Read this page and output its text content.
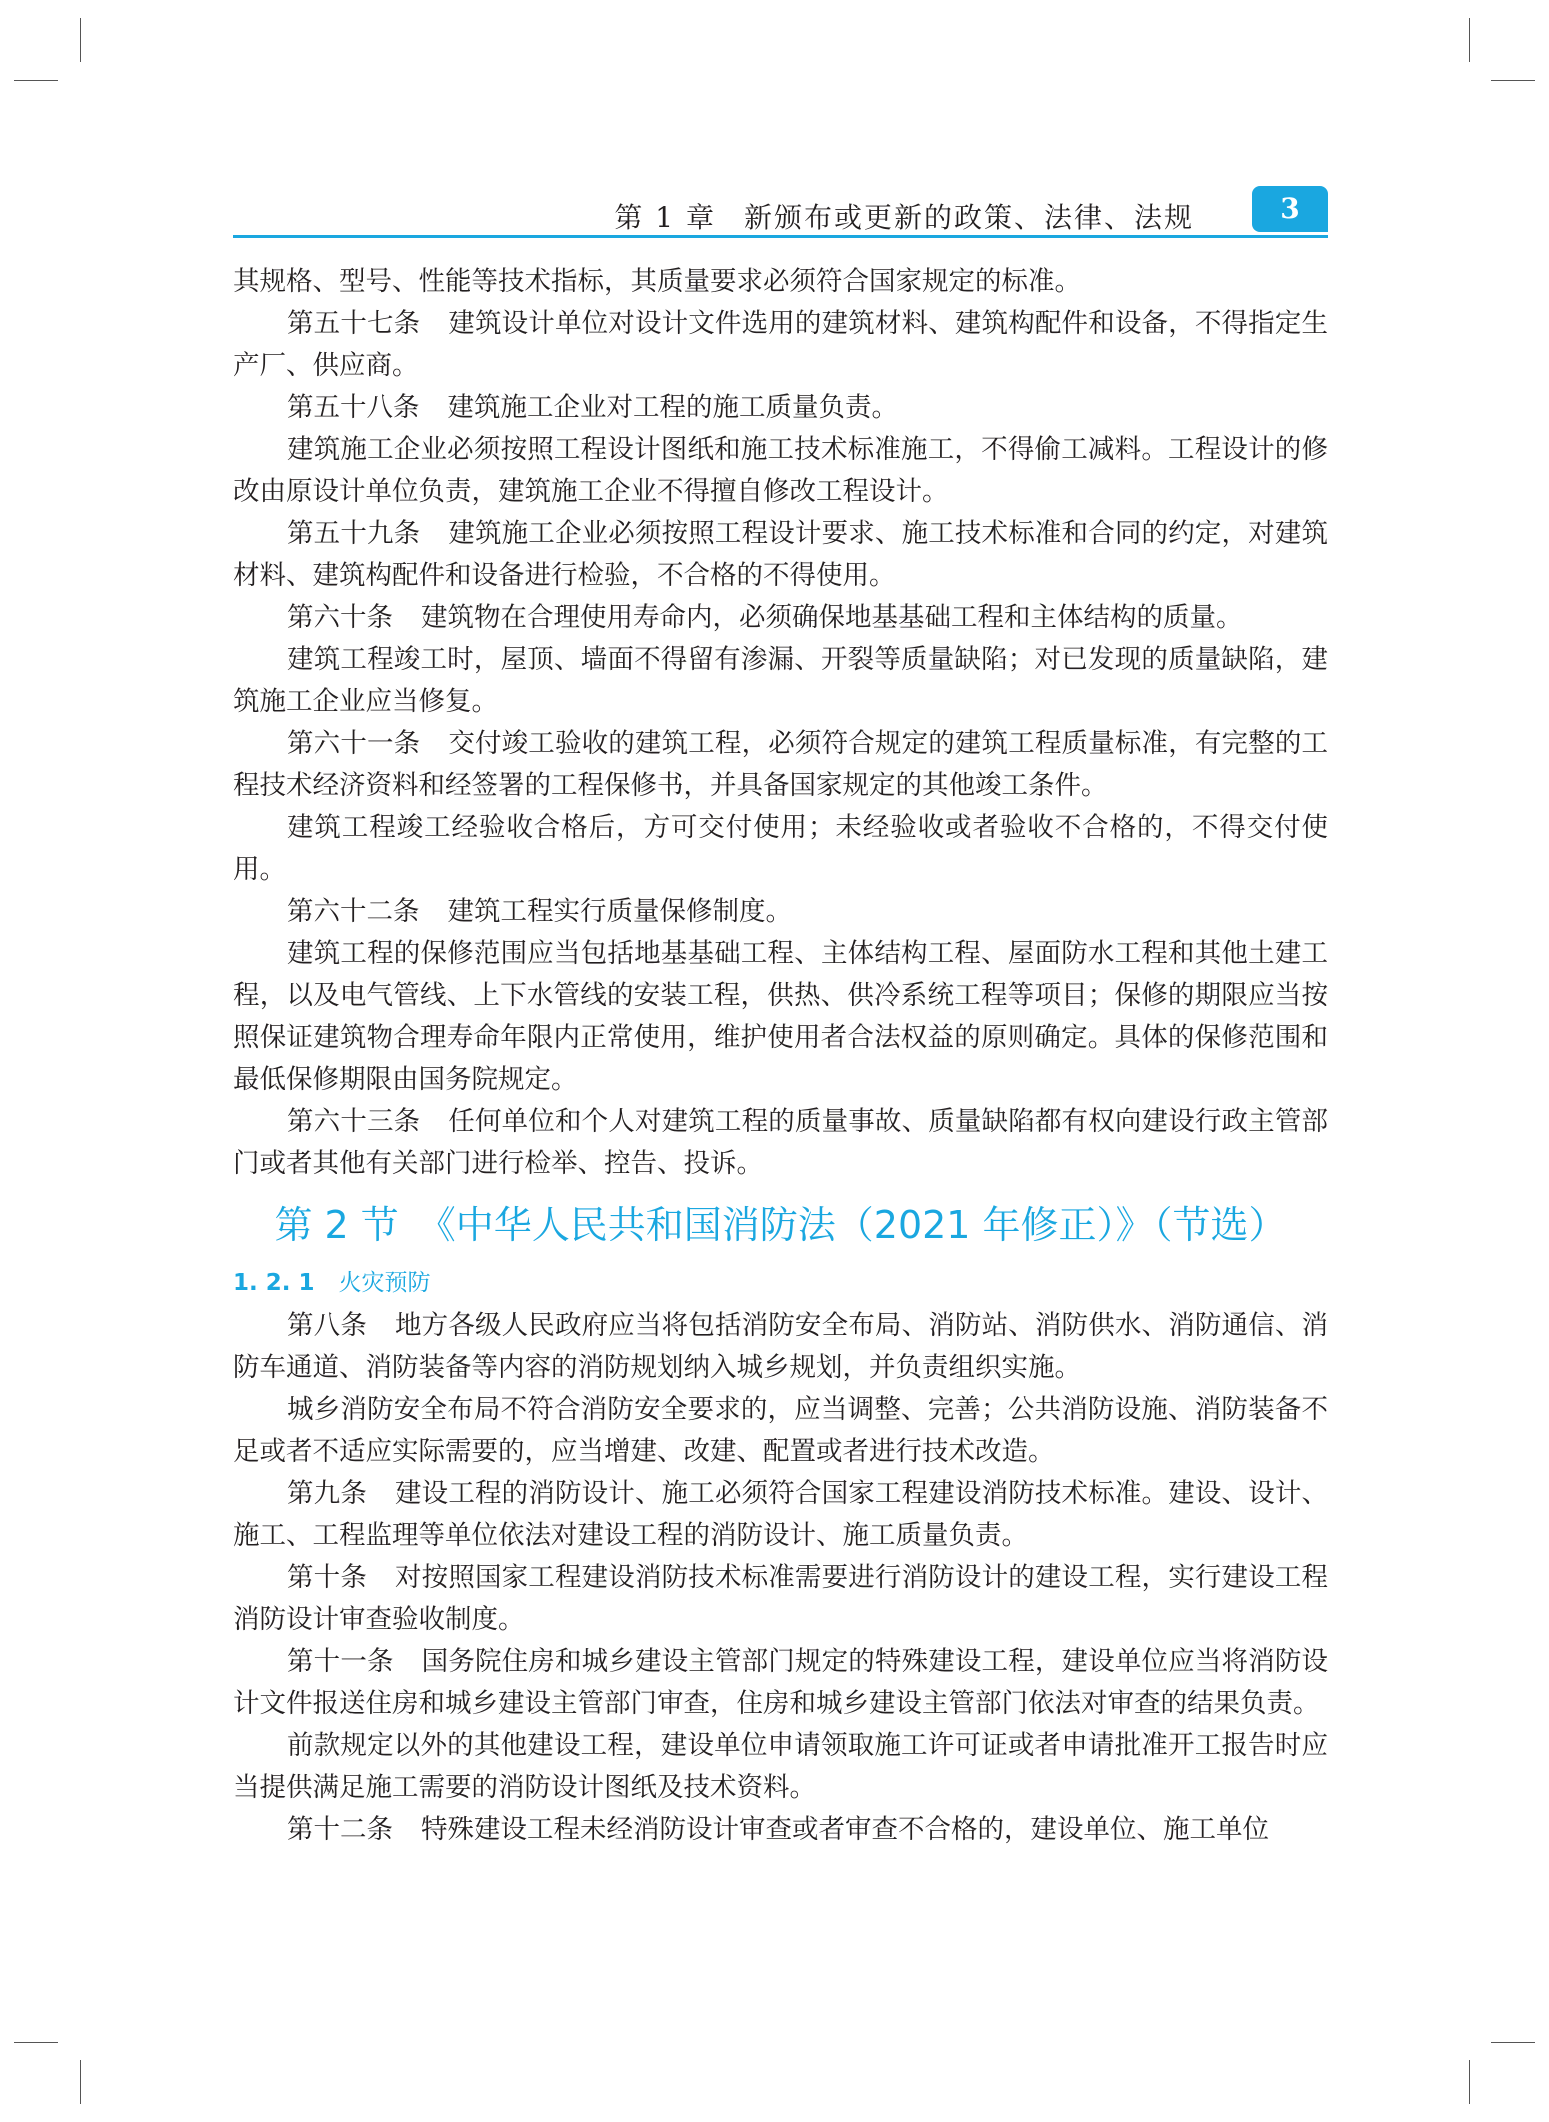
第 1 章 新颁布或更新的政策、法律、法规	3

其规格、型号、性能等技术指标，其质量要求必须符合国家规定的标准。

第五十七条 建筑设计单位对设计文件选用的建筑材料、建筑构配件和设备，不得指定生产厂、供应商。

第五十八条 建筑施工企业对工程的施工质量负责。

建筑施工企业必须按照工程设计图纸和施工技术标准施工，不得偷工减料。工程设计的修改由原设计单位负责，建筑施工企业不得擅自修改工程设计。

第五十九条 建筑施工企业必须按照工程设计要求、施工技术标准和合同的约定，对建筑材料、建筑构配件和设备进行检验，不合格的不得使用。

第六十条 建筑物在合理使用寿命内，必须确保地基基础工程和主体结构的质量。

建筑工程竣工时，屋顶、墙面不得留有渗漏、开裂等质量缺陷；对已发现的质量缺陷，建筑施工企业应当修复。

第六十一条 交付竣工验收的建筑工程，必须符合规定的建筑工程质量标准，有完整的工程技术经济资料和经签署的工程保修书，并具备国家规定的其他竣工条件。

建筑工程竣工经验收合格后，方可交付使用；未经验收或者验收不合格的，不得交付使用。

第六十二条 建筑工程实行质量保修制度。

建筑工程的保修范围应当包括地基基础工程、主体结构工程、屋面防水工程和其他土建工程，以及电气管线、上下水管线的安装工程，供热、供冷系统工程等项目；保修的期限应当按照保证建筑物合理寿命年限内正常使用，维护使用者合法权益的原则确定。具体的保修范围和最低保修期限由国务院规定。

第六十三条 任何单位和个人对建筑工程的质量事故、质量缺陷都有权向建设行政主管部门或者其他有关部门进行检举、控告、投诉。

第 2 节　《中华人民共和国消防法（2021 年修正）》（节选）
1. 2. 1 火灾预防

第八条 地方各级人民政府应当将包括消防安全布局、消防站、消防供水、消防通信、消防车通道、消防装备等内容的消防规划纳入城乡规划，并负责组织实施。

城乡消防安全布局不符合消防安全要求的，应当调整、完善；公共消防设施、消防装备不足或者不适应实际需要的，应当增建、改建、配置或者进行技术改造。

第九条 建设工程的消防设计、施工必须符合国家工程建设消防技术标准。建设、设计、施工、工程监理等单位依法对建设工程的消防设计、施工质量负责。

第十条 对按照国家工程建设消防技术标准需要进行消防设计的建设工程，实行建设工程消防设计审查验收制度。

第十一条 国务院住房和城乡建设主管部门规定的特殊建设工程，建设单位应当将消防设计文件报送住房和城乡建设主管部门审查，住房和城乡建设主管部门依法对审查的结果负责。

前款规定以外的其他建设工程，建设单位申请领取施工许可证或者申请批准开工报告时应当提供满足施工需要的消防设计图纸及技术资料。

第十二条 特殊建设工程未经消防设计审查或者审查不合格的，建设单位、施工单位
